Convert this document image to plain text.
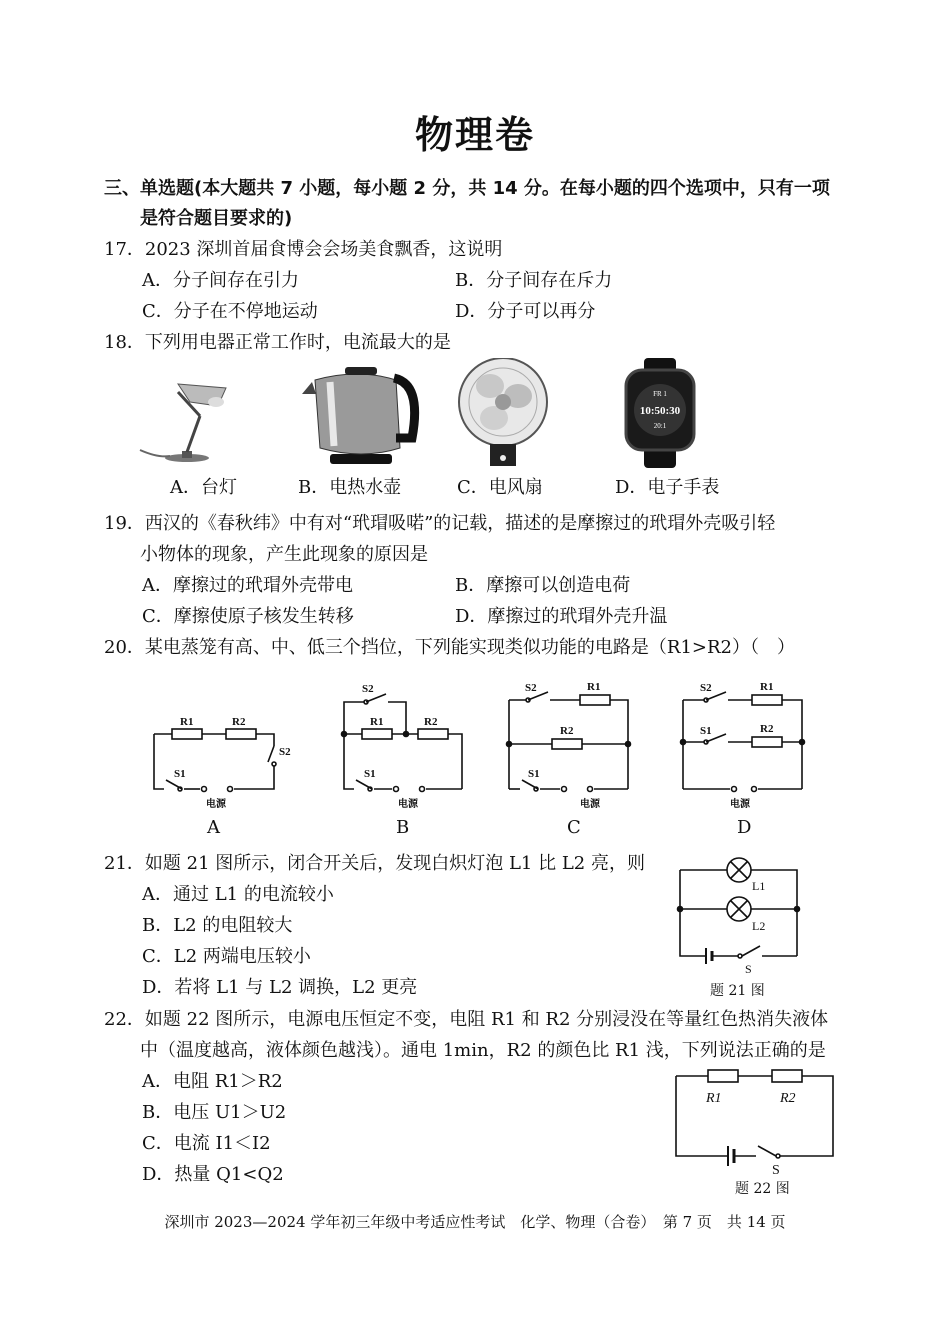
物理卷
三、单选题(本大题共 7 小题，每小题 2 分，共 14 分。在每小题的四个选项中，只有一项
是符合题目要求的)
17．2023 深圳首届食博会会场美食飘香，这说明
A．分子间存在引力	B．分子间存在斥力
C．分子在不停地运动	D．分子可以再分
18．下列用电器正常工作时，电流最大的是
FR 1
10:50:30
20:1
A．台灯	B．电热水壶	C．电风扇	D．电子手表
19．西汉的《春秋纬》中有对“玳瑁吸喏”的记载，描述的是摩擦过的玳瑁外壳吸引轻
小物体的现象，产生此现象的原因是
A．摩擦过的玳瑁外壳带电	B．摩擦可以创造电荷
C．摩擦使原子核发生转移	D．摩擦过的玳瑁外壳升温
20．某电蒸笼有高、中、低三个挡位，下列能实现类似功能的电路是（R1>R2）（　）
R1	R2
S2
S1
电源
S2
R1	R2
S1
电源
S2	R1
R2
S1
电源
S2	R1
S1	R2
电源
A	B	C	D
21．如题 21 图所示，闭合开关后，发现白炽灯泡 L1 比 L2 亮，则
A．通过 L1 的电流较小
B．L2 的电阻较大
C．L2 两端电压较小
D．若将 L1 与 L2 调换，L2 更亮
L1
L2
S
题 21 图
22．如题 22 图所示，电源电压恒定不变，电阻 R1 和 R2 分别浸没在等量红色热消失液体
中（温度越高，液体颜色越浅）。通电 1min，R2 的颜色比 R1 浅，下列说法正确的是
A．电阻 R1＞R2
B．电压 U1＞U2
C．电流 I1＜I2
D．热量 Q1<Q2
R1	R2
S
题 22 图
深圳市 2023—2024 学年初三年级中考适应性考试　化学、物理（合卷）　第 7 页　共 14 页
